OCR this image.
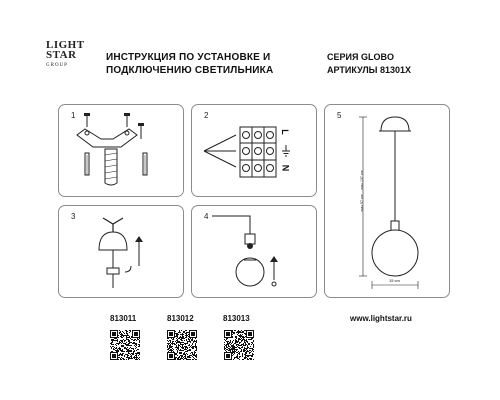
LIGHT
STAR
GROUP
ИНСТРУКЦИЯ ПО УСТАНОВКЕ И
ПОДКЛЮЧЕНИЮ СВЕТИЛЬНИКА
СЕРИЯ GLOBO
АРТИКУЛЫ 81301X
1	2
L
N
3	4
5
max 97 cm ... max 137 cm
15 cm
813011	813012	813013	www.lightstar.ru
